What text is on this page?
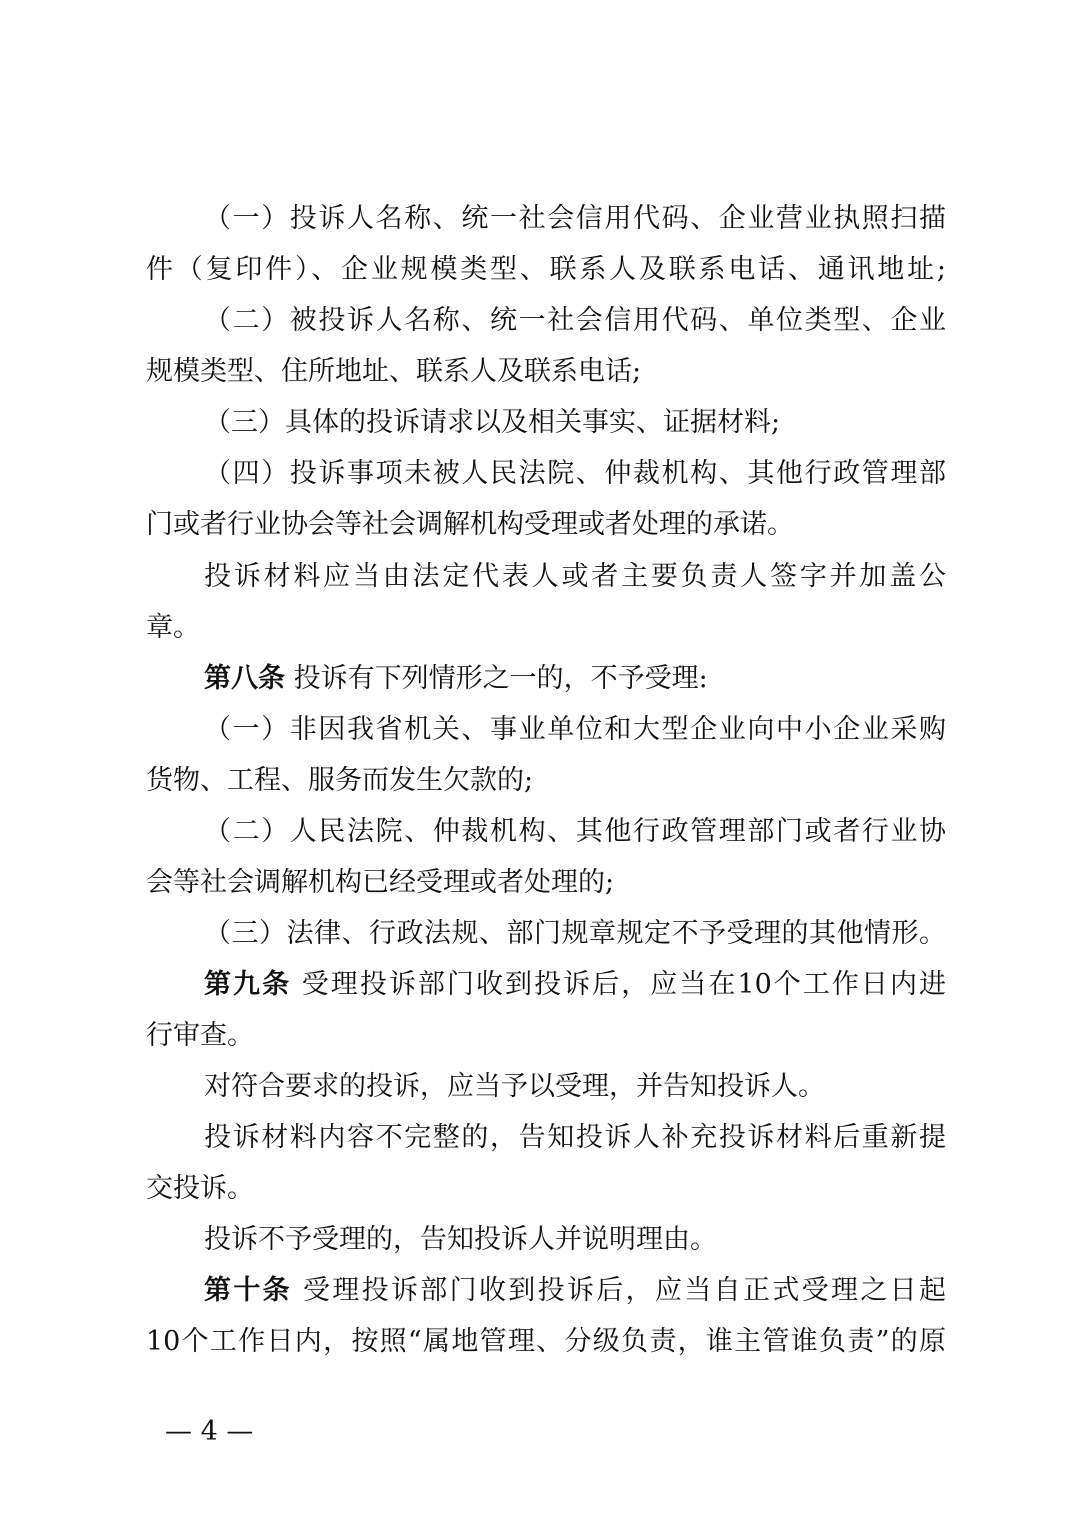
（一）投诉人名称、统一社会信用代码、企业营业执照扫描
件（复印件）、企业规模类型、联系人及联系电话、通讯地址;
（二）被投诉人名称、统一社会信用代码、单位类型、企业
规模类型、住所地址、联系人及联系电话;
（三）具体的投诉请求以及相关事实、证据材料;
（四）投诉事项未被人民法院、仲裁机构、其他行政管理部
门或者行业协会等社会调解机构受理或者处理的承诺。
投诉材料应当由法定代表人或者主要负责人签字并加盖公
章。
第八条 投诉有下列情形之一的，不予受理:
（一）非因我省机关、事业单位和大型企业向中小企业采购
货物、工程、服务而发生欠款的;
（二）人民法院、仲裁机构、其他行政管理部门或者行业协
会等社会调解机构已经受理或者处理的;
（三）法律、行政法规、部门规章规定不予受理的其他情形。
第九条 受理投诉部门收到投诉后，应当在10个工作日内进
行审查。
对符合要求的投诉，应当予以受理，并告知投诉人。
投诉材料内容不完整的，告知投诉人补充投诉材料后重新提
交投诉。
投诉不予受理的，告知投诉人并说明理由。
第十条 受理投诉部门收到投诉后，应当自正式受理之日起
10个工作日内，按照“属地管理、分级负责，谁主管谁负责”的原
— 4 —
